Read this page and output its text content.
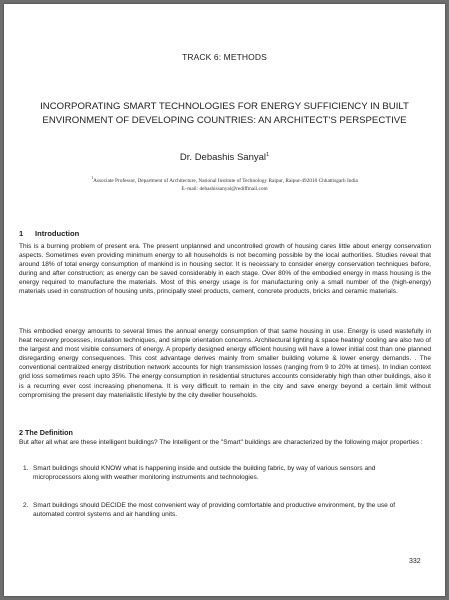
TRACK 6: METHODS
INCORPORATING SMART TECHNOLOGIES FOR ENERGY SUFFICIENCY IN BUILT ENVIRONMENT OF DEVELOPING COUNTRIES: AN ARCHITECT'S PERSPECTIVE
Dr. Debashis Sanyal$^1$
$^1$Associate Professor, Department of Architecture, National Institute of Technology Raipur, Raipur-492010 Chhattisgarh India
E–mail: debashissanyal@rediffmail.com
1 Introduction

This is a burning problem of present era. The present unplanned and uncontrolled growth of housing cares little about energy conservation aspects. Sometimes even providing minimum energy to all households is not becoming possible by the local authorities. Studies reveal that around 18% of total energy consumption of mankind is in housing sector. It is necessary to consider energy conservation techniques before, during and after construction; as energy can be saved considerably in each stage. Over 80% of the embodied energy in mass housing is the energy required to manufacture the materials. Most of this energy usage is for manufacturing only a small number of the (high-energy) materials used in construction of housing units, principally steel products, cement, concrete products, bricks and ceramic materials.

This embodied energy amounts to several times the annual energy consumption of that same housing in use. Energy is used wastefully in heat recovery processes, insulation techniques, and simple orientation concerns. Architectural lighting & space heating/ cooling are also two of the largest and most visible consumers of energy. A properly designed energy efficient housing will have a lower initial cost than one planned disregarding energy consequences. This cost advantage derives mainly from smaller building volume & lower energy demands. . The conventional centralized energy distribution network accounts for high transmission losses (ranging from 9 to 20% at times). In Indian context grid loss sometimes reach upto 35%. The energy consumption in residential structures accounts considerably high than other buildings, also it is a recurring ever cost increasing phenomena. It is very difficult to remain in the city and save energy beyond a certain limit without compromising the present day materialistic lifestyle by the city dweller households.

2 The Definition
But after all what are these intelligent buildings? The Intelligent or the "Smart" buildings are characterized by the following major properties :
1. Smart buildings should KNOW what is happening inside and outside the building fabric, by way of various sensors and microprocessors along with weather monitoring instruments and technologies.
2. Smart buildings should DECIDE the most convenient way of providing comfortable and productive environment, by the use of automated control systems and air handling units.
332
